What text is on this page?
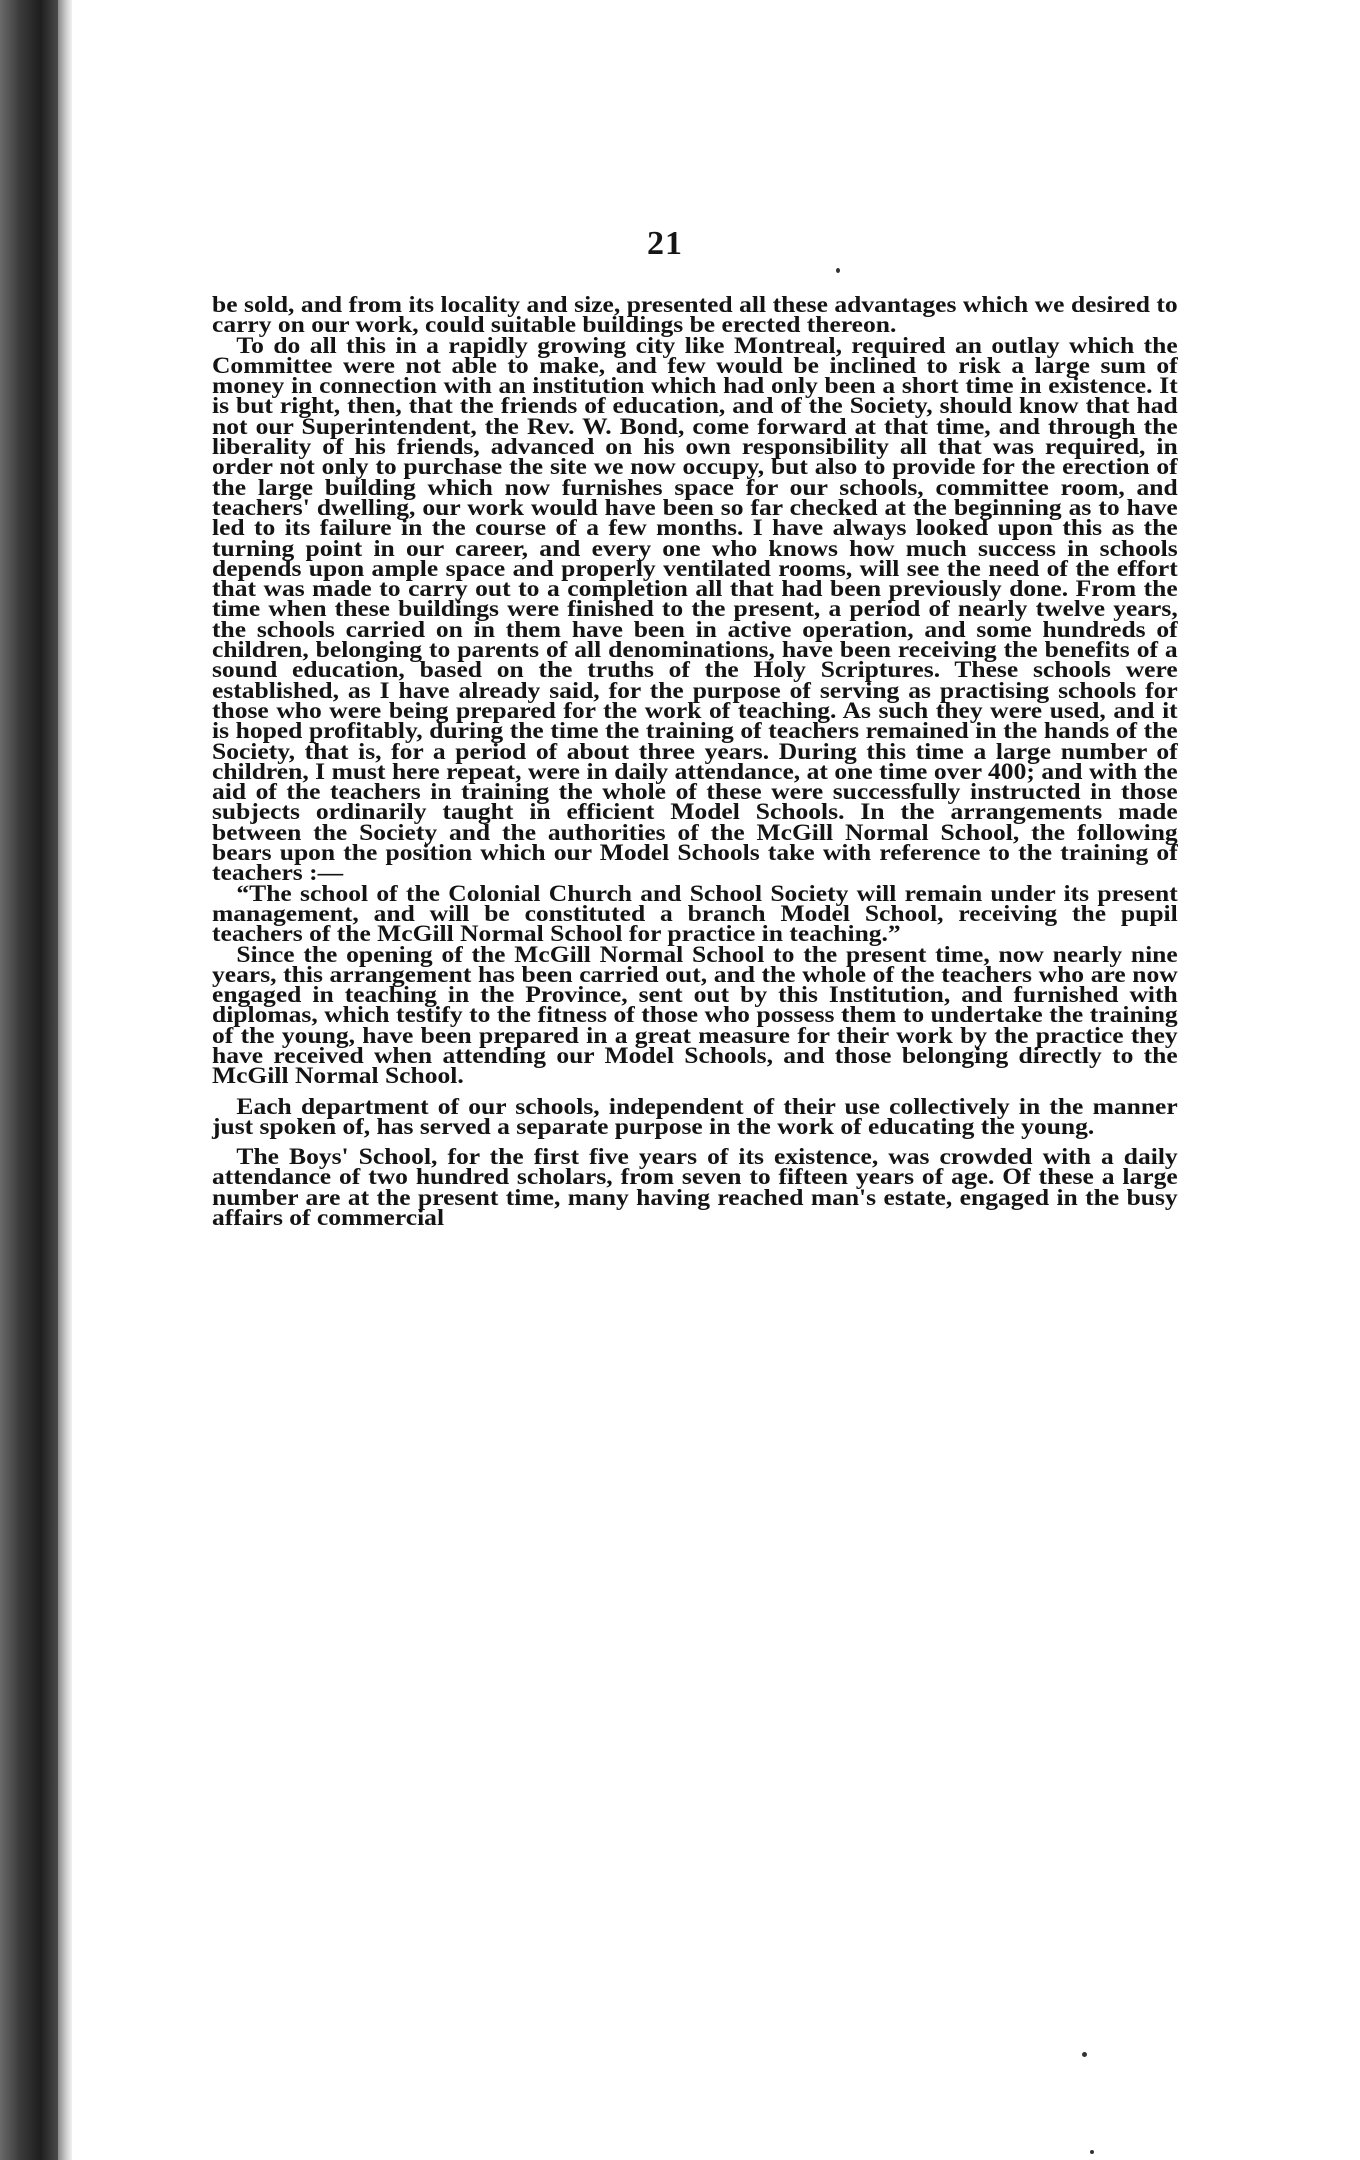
21

be sold, and from its locality and size, presented all these advantages which we desired to carry on our work, could suitable buildings be erected thereon.

To do all this in a rapidly growing city like Montreal, required an outlay which the Committee were not able to make, and few would be inclined to risk a large sum of money in connection with an institution which had only been a short time in existence. It is but right, then, that the friends of education, and of the Society, should know that had not our Superintendent, the Rev. W. Bond, come forward at that time, and through the liberality of his friends, advanced on his own responsibility all that was required, in order not only to purchase the site we now occupy, but also to provide for the erection of the large building which now furnishes space for our schools, committee room, and teachers' dwelling, our work would have been so far checked at the beginning as to have led to its failure in the course of a few months. I have always looked upon this as the turning point in our career, and every one who knows how much success in schools depends upon ample space and properly ventilated rooms, will see the need of the effort that was made to carry out to a completion all that had been previously done. From the time when these buildings were finished to the present, a period of nearly twelve years, the schools carried on in them have been in active operation, and some hundreds of children, belonging to parents of all denominations, have been receiving the benefits of a sound education, based on the truths of the Holy Scriptures. These schools were established, as I have already said, for the purpose of serving as practising schools for those who were being prepared for the work of teaching. As such they were used, and it is hoped profitably, during the time the training of teachers remained in the hands of the Society, that is, for a period of about three years. During this time a large number of children, I must here repeat, were in daily attendance, at one time over 400; and with the aid of the teachers in training the whole of these were successfully instructed in those subjects ordinarily taught in efficient Model Schools. In the arrangements made between the Society and the authorities of the McGill Normal School, the following bears upon the position which our Model Schools take with reference to the training of teachers :—

“The school of the Colonial Church and School Society will remain under its present management, and will be constituted a branch Model School, receiving the pupil teachers of the McGill Normal School for practice in teaching.”

Since the opening of the McGill Normal School to the present time, now nearly nine years, this arrangement has been carried out, and the whole of the teachers who are now engaged in teaching in the Province, sent out by this Institution, and furnished with diplomas, which testify to the fitness of those who possess them to undertake the training of the young, have been prepared in a great measure for their work by the practice they have received when attending our Model Schools, and those belonging directly to the McGill Normal School.

Each department of our schools, independent of their use collectively in the manner just spoken of, has served a separate purpose in the work of educating the young.

The Boys' School, for the first five years of its existence, was crowded with a daily attendance of two hundred scholars, from seven to fifteen years of age. Of these a large number are at the present time, many having reached man's estate, engaged in the busy affairs of commercial
